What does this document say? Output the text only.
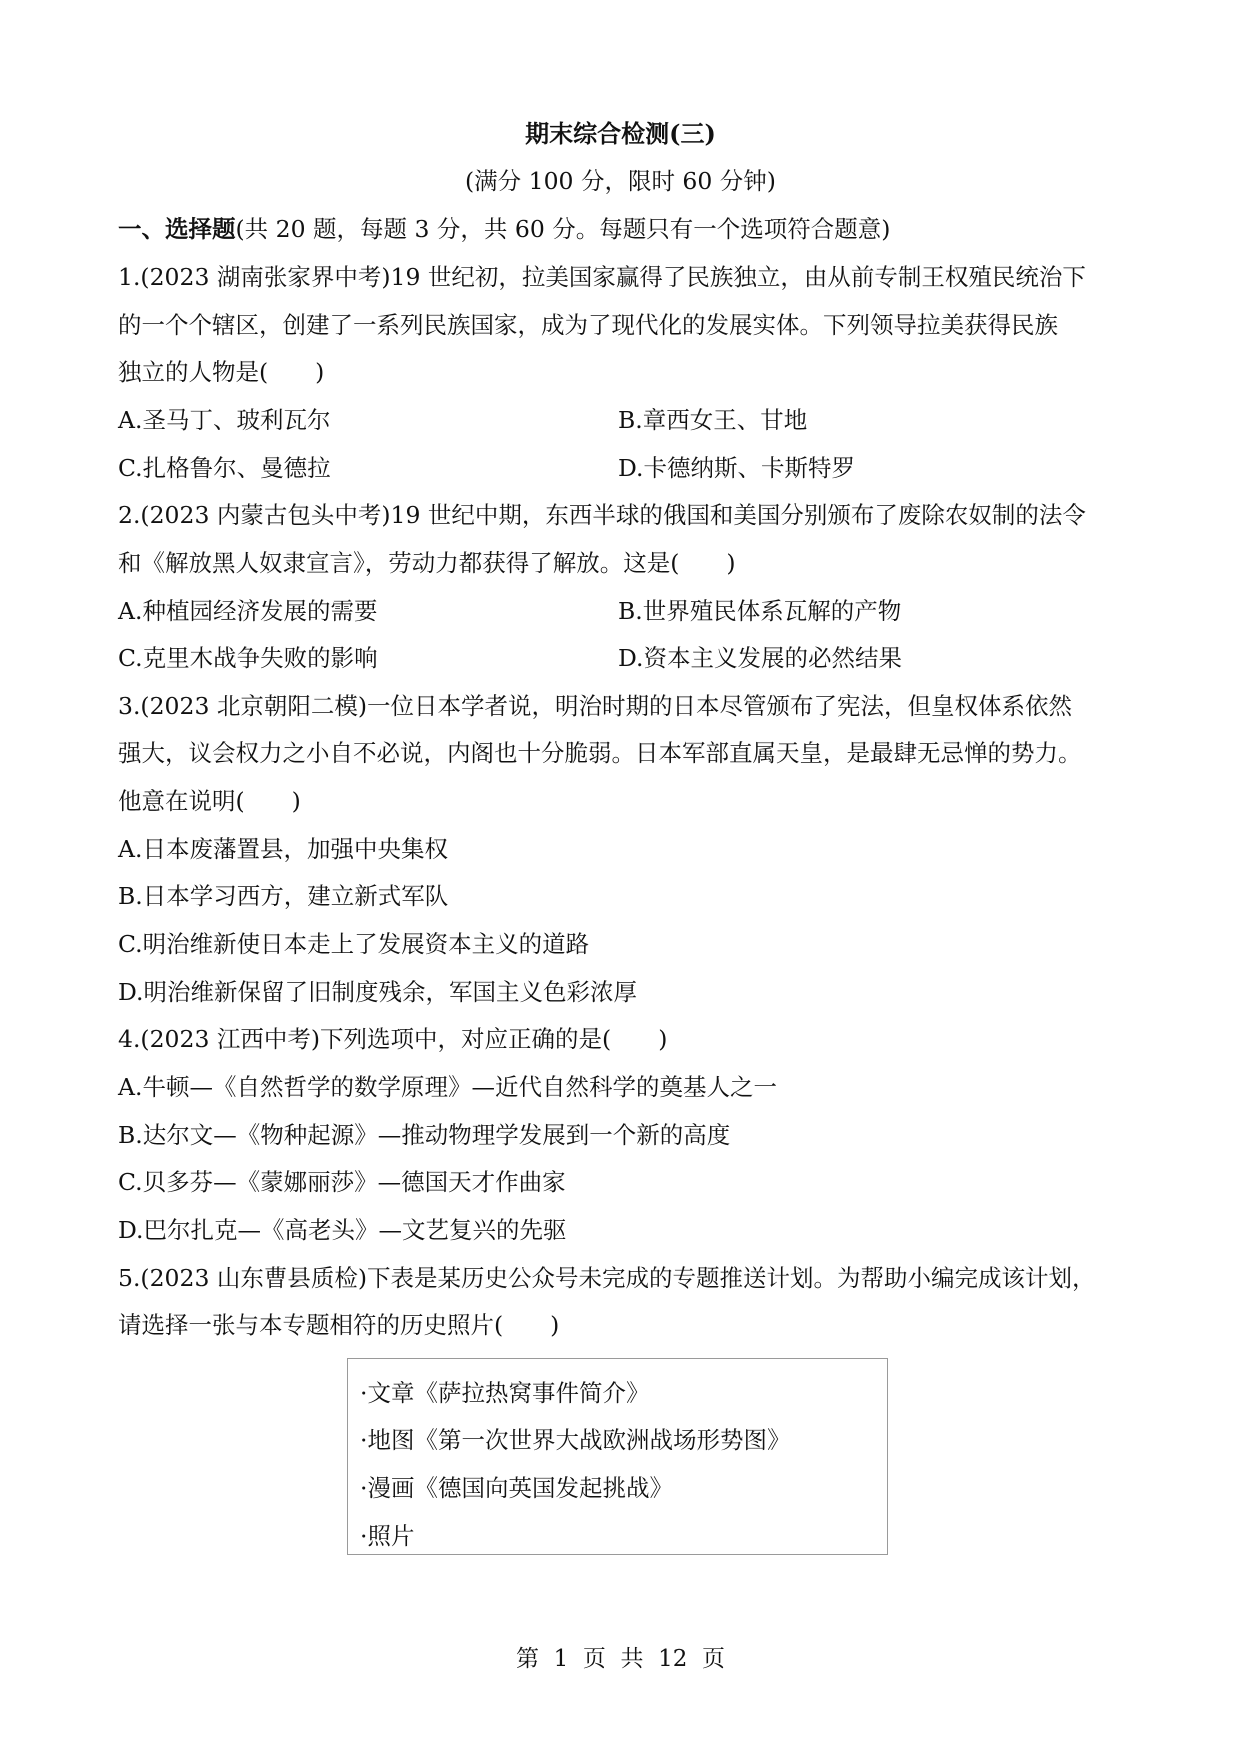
期末综合检测(三)
(满分 100 分，限时 60 分钟)
一、选择题(共 20 题，每题 3 分，共 60 分。每题只有一个选项符合题意)
1.(2023 湖南张家界中考)19 世纪初，拉美国家赢得了民族独立，由从前专制王权殖民统治下
的一个个辖区，创建了一系列民族国家，成为了现代化的发展实体。下列领导拉美获得民族
独立的人物是(　　)
A.圣马丁、玻利瓦尔	B.章西女王、甘地
C.扎格鲁尔、曼德拉	D.卡德纳斯、卡斯特罗
2.(2023 内蒙古包头中考)19 世纪中期，东西半球的俄国和美国分别颁布了废除农奴制的法令
和《解放黑人奴隶宣言》，劳动力都获得了解放。这是(　　)
A.种植园经济发展的需要	B.世界殖民体系瓦解的产物
C.克里木战争失败的影响	D.资本主义发展的必然结果
3.(2023 北京朝阳二模)一位日本学者说，明治时期的日本尽管颁布了宪法，但皇权体系依然
强大，议会权力之小自不必说，内阁也十分脆弱。日本军部直属天皇，是最肆无忌惮的势力。
他意在说明(　　)
A.日本废藩置县，加强中央集权
B.日本学习西方，建立新式军队
C.明治维新使日本走上了发展资本主义的道路
D.明治维新保留了旧制度残余，军国主义色彩浓厚
4.(2023 江西中考)下列选项中，对应正确的是(　　)
A.牛顿—《自然哲学的数学原理》—近代自然科学的奠基人之一
B.达尔文—《物种起源》—推动物理学发展到一个新的高度
C.贝多芬—《蒙娜丽莎》—德国天才作曲家
D.巴尔扎克—《高老头》—文艺复兴的先驱
5.(2023 山东曹县质检)下表是某历史公众号未完成的专题推送计划。为帮助小编完成该计划，
请选择一张与本专题相符的历史照片(　　)
·文章《萨拉热窝事件简介》
·地图《第一次世界大战欧洲战场形势图》
·漫画《德国向英国发起挑战》
·照片
第  1  页  共  12  页
